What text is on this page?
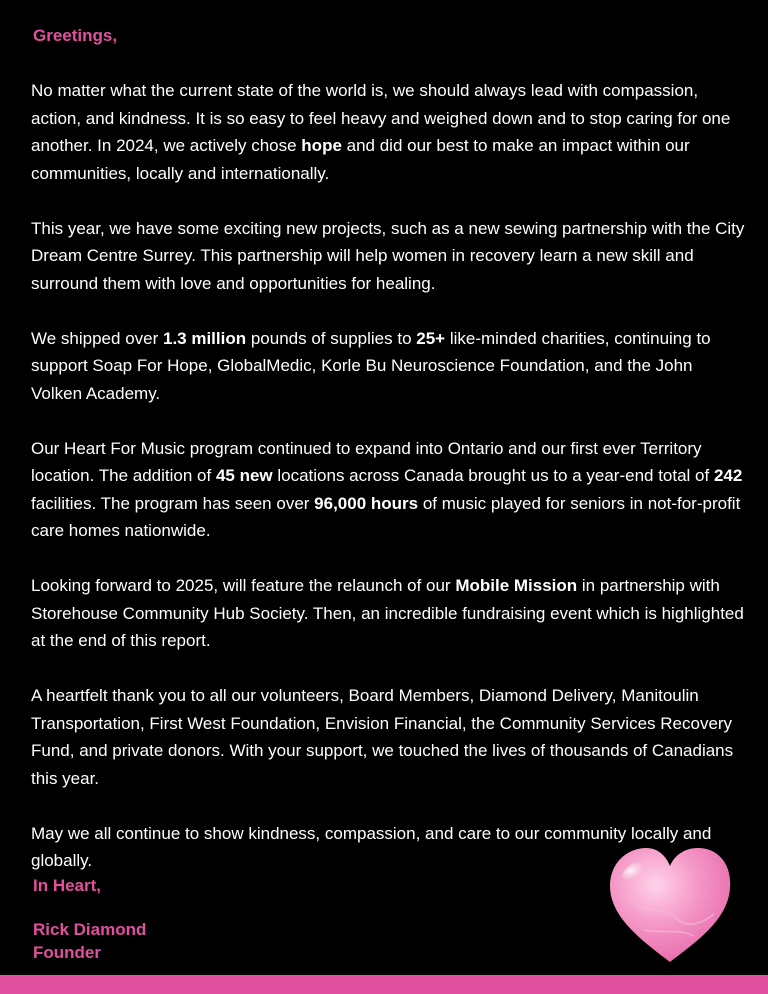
Greetings,

No matter what the current state of the world is, we should always lead with compassion, action, and kindness. It is so easy to feel heavy and weighed down and to stop caring for one another. In 2024, we actively chose hope and did our best to make an impact within our communities, locally and internationally.

This year, we have some exciting new projects, such as a new sewing partnership with the City Dream Centre Surrey. This partnership will help women in recovery learn a new skill and surround them with love and opportunities for healing.

We shipped over 1.3 million pounds of supplies to 25+ like-minded charities, continuing to support Soap For Hope, GlobalMedic, Korle Bu Neuroscience Foundation, and the John Volken Academy.

Our Heart For Music program continued to expand into Ontario and our first ever Territory location. The addition of 45 new locations across Canada brought us to a year-end total of 242 facilities. The program has seen over 96,000 hours of music played for seniors in not-for-profit care homes nationwide.

Looking forward to 2025, will feature the relaunch of our Mobile Mission in partnership with Storehouse Community Hub Society. Then, an incredible fundraising event which is highlighted at the end of this report.

A heartfelt thank you to all our volunteers, Board Members, Diamond Delivery, Manitoulin Transportation, First West Foundation, Envision Financial, the Community Services Recovery Fund, and private donors. With your support, we touched the lives of thousands of Canadians this year.

May we all continue to show kindness, compassion, and care to our community locally and globally.

In Heart,
Rick Diamond
Founder
